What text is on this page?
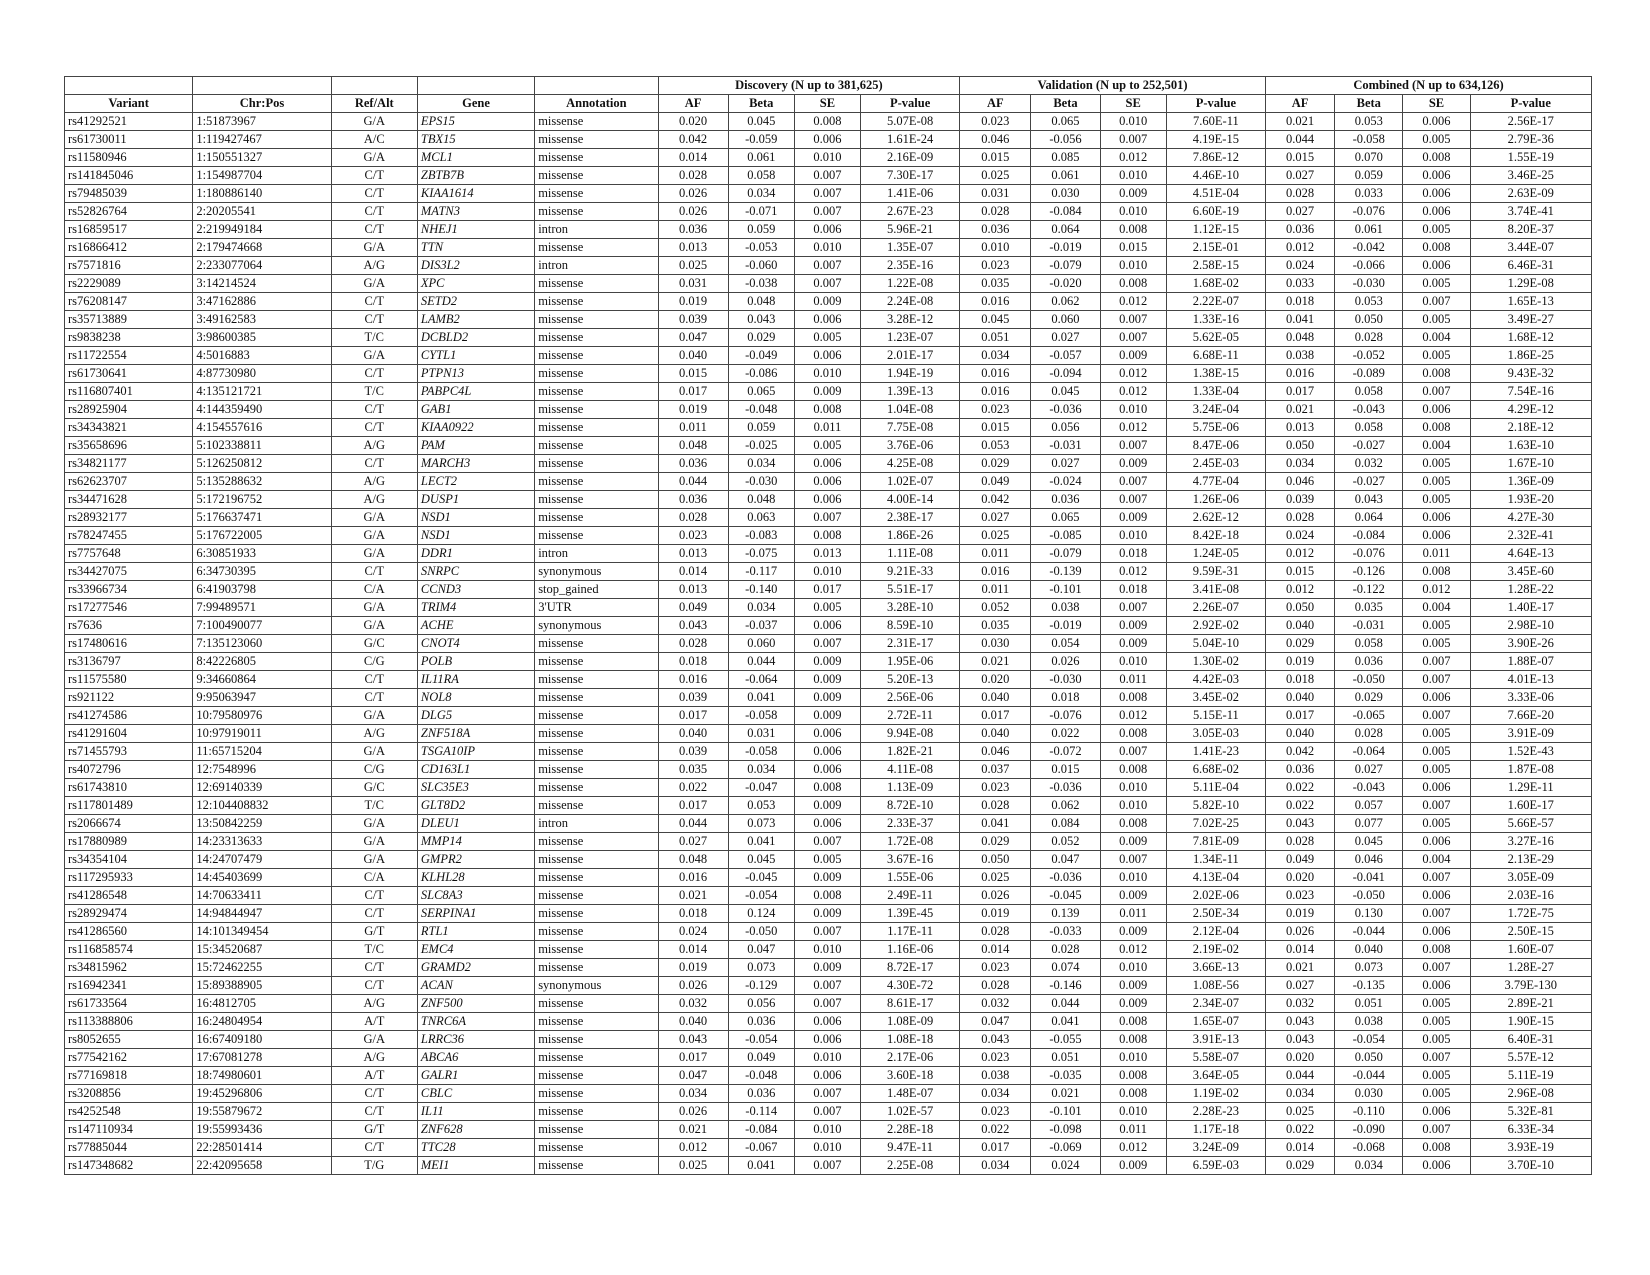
					Discovery (N up to 381,625)				Validation (N up to 252,501)				Combined (N up to 634,126)			
Variant	Chr:Pos	Ref/Alt	Gene	Annotation	AF	Beta	SE	P-value	AF	Beta	SE	P-value	AF	Beta	SE	P-value
rs41292521	1:51873967	G/A	EPS15	missense	0.020	0.045	0.008	5.07E-08	0.023	0.065	0.010	7.60E-11	0.021	0.053	0.006	2.56E-17
rs61730011	1:119427467	A/C	TBX15	missense	0.042	-0.059	0.006	1.61E-24	0.046	-0.056	0.007	4.19E-15	0.044	-0.058	0.005	2.79E-36
rs11580946	1:150551327	G/A	MCL1	missense	0.014	0.061	0.010	2.16E-09	0.015	0.085	0.012	7.86E-12	0.015	0.070	0.008	1.55E-19
rs141845046	1:154987704	C/T	ZBTB7B	missense	0.028	0.058	0.007	7.30E-17	0.025	0.061	0.010	4.46E-10	0.027	0.059	0.006	3.46E-25
rs79485039	1:180886140	C/T	KIAA1614	missense	0.026	0.034	0.007	1.41E-06	0.031	0.030	0.009	4.51E-04	0.028	0.033	0.006	2.63E-09
rs52826764	2:20205541	C/T	MATN3	missense	0.026	-0.071	0.007	2.67E-23	0.028	-0.084	0.010	6.60E-19	0.027	-0.076	0.006	3.74E-41
rs16859517	2:219949184	C/T	NHEJ1	intron	0.036	0.059	0.006	5.96E-21	0.036	0.064	0.008	1.12E-15	0.036	0.061	0.005	8.20E-37
rs16866412	2:179474668	G/A	TTN	missense	0.013	-0.053	0.010	1.35E-07	0.010	-0.019	0.015	2.15E-01	0.012	-0.042	0.008	3.44E-07
rs7571816	2:233077064	A/G	DIS3L2	intron	0.025	-0.060	0.007	2.35E-16	0.023	-0.079	0.010	2.58E-15	0.024	-0.066	0.006	6.46E-31
rs2229089	3:14214524	G/A	XPC	missense	0.031	-0.038	0.007	1.22E-08	0.035	-0.020	0.008	1.68E-02	0.033	-0.030	0.005	1.29E-08
rs76208147	3:47162886	C/T	SETD2	missense	0.019	0.048	0.009	2.24E-08	0.016	0.062	0.012	2.22E-07	0.018	0.053	0.007	1.65E-13
rs35713889	3:49162583	C/T	LAMB2	missense	0.039	0.043	0.006	3.28E-12	0.045	0.060	0.007	1.33E-16	0.041	0.050	0.005	3.49E-27
rs9838238	3:98600385	T/C	DCBLD2	missense	0.047	0.029	0.005	1.23E-07	0.051	0.027	0.007	5.62E-05	0.048	0.028	0.004	1.68E-12
rs11722554	4:5016883	G/A	CYTL1	missense	0.040	-0.049	0.006	2.01E-17	0.034	-0.057	0.009	6.68E-11	0.038	-0.052	0.005	1.86E-25
rs61730641	4:87730980	C/T	PTPN13	missense	0.015	-0.086	0.010	1.94E-19	0.016	-0.094	0.012	1.38E-15	0.016	-0.089	0.008	9.43E-32
rs116807401	4:135121721	T/C	PABPC4L	missense	0.017	0.065	0.009	1.39E-13	0.016	0.045	0.012	1.33E-04	0.017	0.058	0.007	7.54E-16
rs28925904	4:144359490	C/T	GAB1	missense	0.019	-0.048	0.008	1.04E-08	0.023	-0.036	0.010	3.24E-04	0.021	-0.043	0.006	4.29E-12
rs34343821	4:154557616	C/T	KIAA0922	missense	0.011	0.059	0.011	7.75E-08	0.015	0.056	0.012	5.75E-06	0.013	0.058	0.008	2.18E-12
rs35658696	5:102338811	A/G	PAM	missense	0.048	-0.025	0.005	3.76E-06	0.053	-0.031	0.007	8.47E-06	0.050	-0.027	0.004	1.63E-10
rs34821177	5:126250812	C/T	MARCH3	missense	0.036	0.034	0.006	4.25E-08	0.029	0.027	0.009	2.45E-03	0.034	0.032	0.005	1.67E-10
rs62623707	5:135288632	A/G	LECT2	missense	0.044	-0.030	0.006	1.02E-07	0.049	-0.024	0.007	4.77E-04	0.046	-0.027	0.005	1.36E-09
rs34471628	5:172196752	A/G	DUSP1	missense	0.036	0.048	0.006	4.00E-14	0.042	0.036	0.007	1.26E-06	0.039	0.043	0.005	1.93E-20
rs28932177	5:176637471	G/A	NSD1	missense	0.028	0.063	0.007	2.38E-17	0.027	0.065	0.009	2.62E-12	0.028	0.064	0.006	4.27E-30
rs78247455	5:176722005	G/A	NSD1	missense	0.023	-0.083	0.008	1.86E-26	0.025	-0.085	0.010	8.42E-18	0.024	-0.084	0.006	2.32E-41
rs7757648	6:30851933	G/A	DDR1	intron	0.013	-0.075	0.013	1.11E-08	0.011	-0.079	0.018	1.24E-05	0.012	-0.076	0.011	4.64E-13
rs34427075	6:34730395	C/T	SNRPC	synonymous	0.014	-0.117	0.010	9.21E-33	0.016	-0.139	0.012	9.59E-31	0.015	-0.126	0.008	3.45E-60
rs33966734	6:41903798	C/A	CCND3	stop_gained	0.013	-0.140	0.017	5.51E-17	0.011	-0.101	0.018	3.41E-08	0.012	-0.122	0.012	1.28E-22
rs17277546	7:99489571	G/A	TRIM4	3'UTR	0.049	0.034	0.005	3.28E-10	0.052	0.038	0.007	2.26E-07	0.050	0.035	0.004	1.40E-17
rs7636	7:100490077	G/A	ACHE	synonymous	0.043	-0.037	0.006	8.59E-10	0.035	-0.019	0.009	2.92E-02	0.040	-0.031	0.005	2.98E-10
rs17480616	7:135123060	G/C	CNOT4	missense	0.028	0.060	0.007	2.31E-17	0.030	0.054	0.009	5.04E-10	0.029	0.058	0.005	3.90E-26
rs3136797	8:42226805	C/G	POLB	missense	0.018	0.044	0.009	1.95E-06	0.021	0.026	0.010	1.30E-02	0.019	0.036	0.007	1.88E-07
rs11575580	9:34660864	C/T	IL11RA	missense	0.016	-0.064	0.009	5.20E-13	0.020	-0.030	0.011	4.42E-03	0.018	-0.050	0.007	4.01E-13
rs921122	9:95063947	C/T	NOL8	missense	0.039	0.041	0.009	2.56E-06	0.040	0.018	0.008	3.45E-02	0.040	0.029	0.006	3.33E-06
rs41274586	10:79580976	G/A	DLG5	missense	0.017	-0.058	0.009	2.72E-11	0.017	-0.076	0.012	5.15E-11	0.017	-0.065	0.007	7.66E-20
rs41291604	10:97919011	A/G	ZNF518A	missense	0.040	0.031	0.006	9.94E-08	0.040	0.022	0.008	3.05E-03	0.040	0.028	0.005	3.91E-09
rs71455793	11:65715204	G/A	TSGA10IP	missense	0.039	-0.058	0.006	1.82E-21	0.046	-0.072	0.007	1.41E-23	0.042	-0.064	0.005	1.52E-43
rs4072796	12:7548996	C/G	CD163L1	missense	0.035	0.034	0.006	4.11E-08	0.037	0.015	0.008	6.68E-02	0.036	0.027	0.005	1.87E-08
rs61743810	12:69140339	G/C	SLC35E3	missense	0.022	-0.047	0.008	1.13E-09	0.023	-0.036	0.010	5.11E-04	0.022	-0.043	0.006	1.29E-11
rs117801489	12:104408832	T/C	GLT8D2	missense	0.017	0.053	0.009	8.72E-10	0.028	0.062	0.010	5.82E-10	0.022	0.057	0.007	1.60E-17
rs2066674	13:50842259	G/A	DLEU1	intron	0.044	0.073	0.006	2.33E-37	0.041	0.084	0.008	7.02E-25	0.043	0.077	0.005	5.66E-57
rs17880989	14:23313633	G/A	MMP14	missense	0.027	0.041	0.007	1.72E-08	0.029	0.052	0.009	7.81E-09	0.028	0.045	0.006	3.27E-16
rs34354104	14:24707479	G/A	GMPR2	missense	0.048	0.045	0.005	3.67E-16	0.050	0.047	0.007	1.34E-11	0.049	0.046	0.004	2.13E-29
rs117295933	14:45403699	C/A	KLHL28	missense	0.016	-0.045	0.009	1.55E-06	0.025	-0.036	0.010	4.13E-04	0.020	-0.041	0.007	3.05E-09
rs41286548	14:70633411	C/T	SLC8A3	missense	0.021	-0.054	0.008	2.49E-11	0.026	-0.045	0.009	2.02E-06	0.023	-0.050	0.006	2.03E-16
rs28929474	14:94844947	C/T	SERPINA1	missense	0.018	0.124	0.009	1.39E-45	0.019	0.139	0.011	2.50E-34	0.019	0.130	0.007	1.72E-75
rs41286560	14:101349454	G/T	RTL1	missense	0.024	-0.050	0.007	1.17E-11	0.028	-0.033	0.009	2.12E-04	0.026	-0.044	0.006	2.50E-15
rs116858574	15:34520687	T/C	EMC4	missense	0.014	0.047	0.010	1.16E-06	0.014	0.028	0.012	2.19E-02	0.014	0.040	0.008	1.60E-07
rs34815962	15:72462255	C/T	GRAMD2	missense	0.019	0.073	0.009	8.72E-17	0.023	0.074	0.010	3.66E-13	0.021	0.073	0.007	1.28E-27
rs16942341	15:89388905	C/T	ACAN	synonymous	0.026	-0.129	0.007	4.30E-72	0.028	-0.146	0.009	1.08E-56	0.027	-0.135	0.006	3.79E-130
rs61733564	16:4812705	A/G	ZNF500	missense	0.032	0.056	0.007	8.61E-17	0.032	0.044	0.009	2.34E-07	0.032	0.051	0.005	2.89E-21
rs113388806	16:24804954	A/T	TNRC6A	missense	0.040	0.036	0.006	1.08E-09	0.047	0.041	0.008	1.65E-07	0.043	0.038	0.005	1.90E-15
rs8052655	16:67409180	G/A	LRRC36	missense	0.043	-0.054	0.006	1.08E-18	0.043	-0.055	0.008	3.91E-13	0.043	-0.054	0.005	6.40E-31
rs77542162	17:67081278	A/G	ABCA6	missense	0.017	0.049	0.010	2.17E-06	0.023	0.051	0.010	5.58E-07	0.020	0.050	0.007	5.57E-12
rs77169818	18:74980601	A/T	GALR1	missense	0.047	-0.048	0.006	3.60E-18	0.038	-0.035	0.008	3.64E-05	0.044	-0.044	0.005	5.11E-19
rs3208856	19:45296806	C/T	CBLC	missense	0.034	0.036	0.007	1.48E-07	0.034	0.021	0.008	1.19E-02	0.034	0.030	0.005	2.96E-08
rs4252548	19:55879672	C/T	IL11	missense	0.026	-0.114	0.007	1.02E-57	0.023	-0.101	0.010	2.28E-23	0.025	-0.110	0.006	5.32E-81
rs147110934	19:55993436	G/T	ZNF628	missense	0.021	-0.084	0.010	2.28E-18	0.022	-0.098	0.011	1.17E-18	0.022	-0.090	0.007	6.33E-34
rs77885044	22:28501414	C/T	TTC28	missense	0.012	-0.067	0.010	9.47E-11	0.017	-0.069	0.012	3.24E-09	0.014	-0.068	0.008	3.93E-19
rs147348682	22:42095658	T/G	MEI1	missense	0.025	0.041	0.007	2.25E-08	0.034	0.024	0.009	6.59E-03	0.029	0.034	0.006	3.70E-10
